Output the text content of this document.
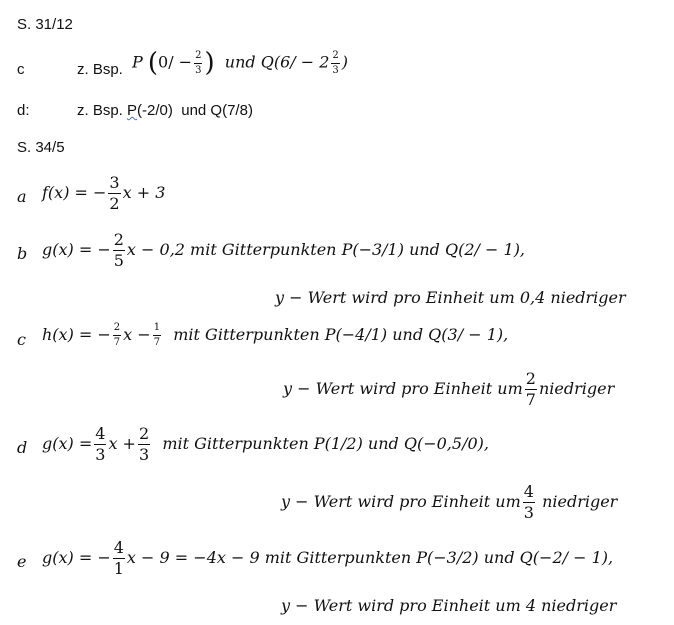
S. 31/12
c	z. Bsp. P ($0/ - \frac{2}{3}$ ) und $Q(6/ - 2 \frac{2}{3}$ )
d:	z. Bsp. P(-2/0) und Q(7/8)
S. 34/5
a f(x) = − $\frac{3}{2}$ x + 3
b g(x) = − $\frac{2}{5}$ x − 0,2 mit Gitterpunkten P(−3/1) und Q(2/ − 1),
y − Wert wird pro Einheit um 0,4 niedriger
c h(x) = − $\frac{2}{7}$ $x - \frac{1}{7}$ mit Gitterpunkten P(−4/1) und Q(3/ − 1),
y − Wert wird pro Einheit um $\frac{2}{7}$ niedriger
d $g(x) = \frac{4}{3}$ $x + \frac{2}{3}$ mit Gitterpunkten P(1/2) und Q(−0,5/0),
y − Wert wird pro Einheit um $\frac{4}{3}$ niedriger
e g(x) = − $\frac{4}{1}$ x − 9 = −4x − 9 mit Gitterpunkten P(−3/2) und Q(−2/ − 1),
y − Wert wird pro Einheit um 4 niedriger
